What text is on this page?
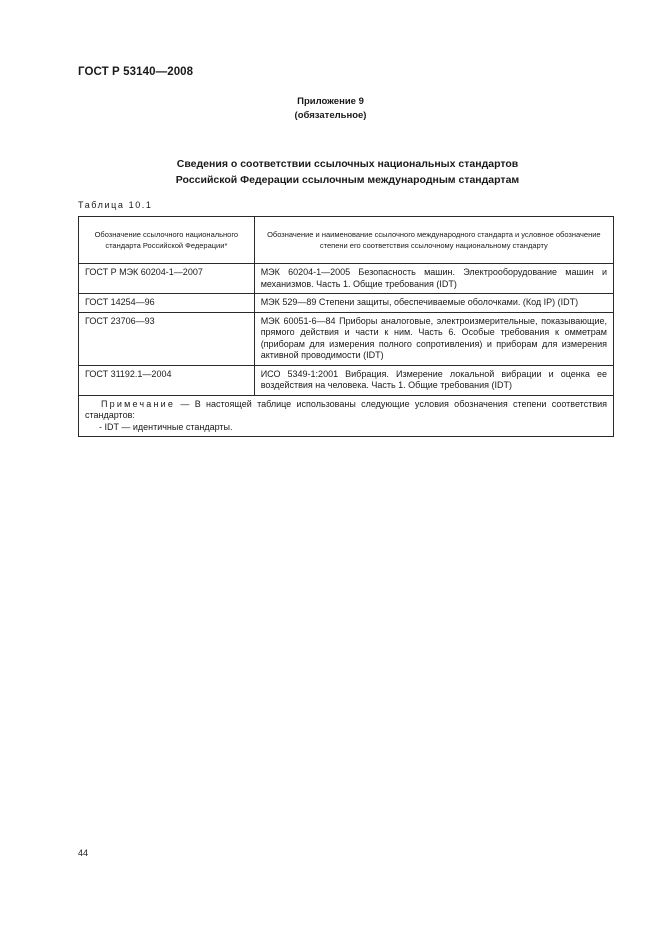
ГОСТ Р 53140—2008
Приложение 9
(обязательное)
Сведения о соответствии ссылочных национальных стандартов
Российской Федерации ссылочным международным стандартам
Таблица 10.1
Обозначение ссылочного национального стандарта Российской Федерации*	Обозначение и наименование ссылочного международного стандарта и условное обозначение степени его соответствия ссылочному национальному стандарту
ГОСТ Р МЭК 60204-1—2007	МЭК 60204-1—2005 Безопасность машин. Электрооборудование машин и механизмов. Часть 1. Общие требования (IDT)
ГОСТ 14254—96	МЭК 529—89 Степени защиты, обеспечиваемые оболочками. (Код IP) (IDT)
ГОСТ 23706—93	МЭК 60051-6—84 Приборы аналоговые, электроизмерительные, показывающие, прямого действия и части к ним. Часть 6. Особые требования к омметрам (приборам для измерения полного сопротивления) и приборам для измерения активной проводимости (IDT)
ГОСТ 31192.1—2004	ИСО 5349-1:2001 Вибрация. Измерение локальной вибрации и оценка ее воздействия на человека. Часть 1. Общие требования (IDT)

Примечание — В настоящей таблице использованы следующие условия обозначения степени соответствия стандартов:
- IDT — идентичные стандарты.	
44
